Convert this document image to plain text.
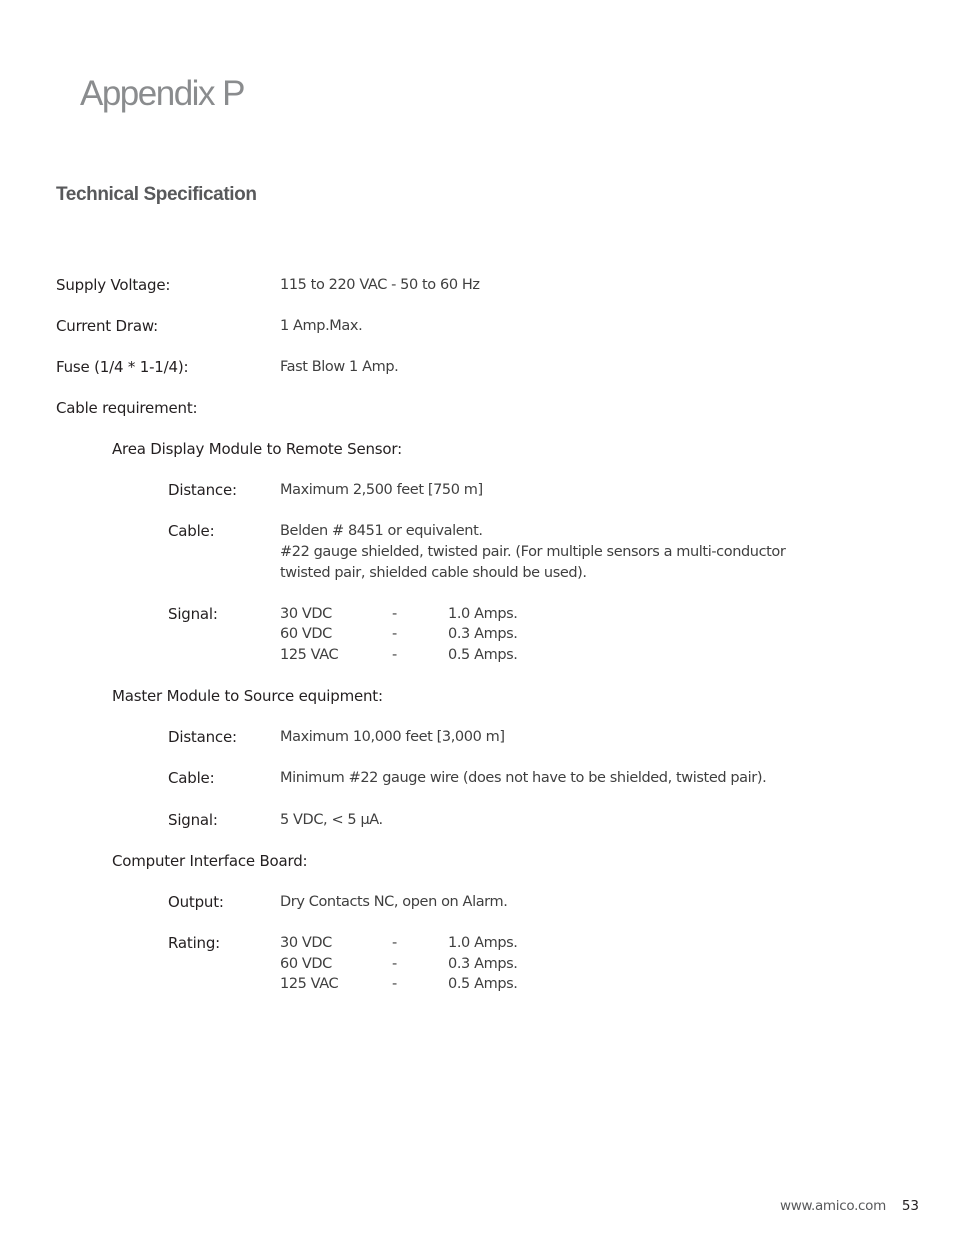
Appendix P
Technical Specification
Supply Voltage:	115 to 220 VAC - 50 to 60 Hz
Current Draw:	1 Amp.Max.
Fuse (1/4 * 1-1/4):	Fast Blow 1 Amp.
Cable requirement:
Area Display Module to Remote Sensor:
Distance:	Maximum 2,500 feet [750 m]
Cable:	Belden # 8451 or equivalent.
#22 gauge shielded, twisted pair. (For multiple sensors a multi-conductor
twisted pair, shielded cable should be used).
Signal:	30 VDC	-	1.0 Amps.
60 VDC	-	0.3 Amps.
125 VAC	-	0.5 Amps.
Master Module to Source equipment:
Distance:	Maximum 10,000 feet [3,000 m]
Cable:	Minimum #22 gauge wire (does not have to be shielded, twisted pair).
Signal:	5 VDC, < 5 µA.
Computer Interface Board:
Output:	Dry Contacts NC, open on Alarm.
Rating:	30 VDC	-	1.0 Amps.
60 VDC	-	0.3 Amps.
125 VAC	-	0.5 Amps.
www.amico.com 53
